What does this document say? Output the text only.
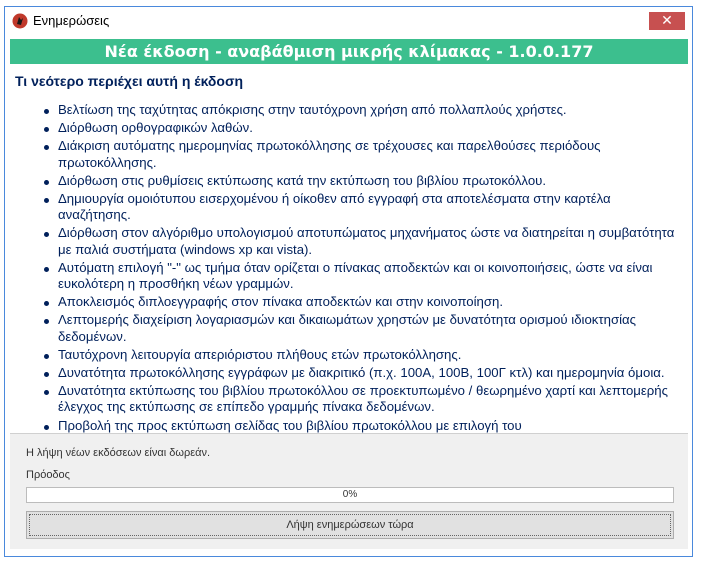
Ενημερώσεις	✕
Νέα έκδοση - αναβάθμιση μικρής κλίμακας - 1.0.0.177
Τι νεότερο περιέχει αυτή η έκδοση
Βελτίωση της ταχύτητας απόκρισης στην ταυτόχρονη χρήση από πολλαπλούς χρήστες.
Διόρθωση ορθογραφικών λαθών.
Διάκριση αυτόματης ημερομηνίας πρωτοκόλλησης σε τρέχουσες και παρελθούσες περιόδους πρωτοκόλλησης.
Διόρθωση στις ρυθμίσεις εκτύπωσης κατά την εκτύπωση του βιβλίου πρωτοκόλλου.
Δημιουργία ομοιότυπου εισερχομένου ή οίκοθεν από εγγραφή στα αποτελέσματα στην καρτέλα αναζήτησης.
Διόρθωση στον αλγόριθμο υπολογισμού αποτυπώματος μηχανήματος ώστε να διατηρείται η συμβατότητα με παλιά συστήματα (windows xp και vista).
Αυτόματη επιλογή "-" ως τμήμα όταν ορίζεται ο πίνακας αποδεκτών και οι κοινοποιήσεις, ώστε να είναι ευκολότερη η προσθήκη νέων γραμμών.
Αποκλεισμός διπλοεγγραφής στον πίνακα αποδεκτών και στην κοινοποίηση.
Λεπτομερής διαχείριση λογαριασμών και δικαιωμάτων χρηστών με δυνατότητα ορισμού ιδιοκτησίας δεδομένων.
Ταυτόχρονη λειτουργία απεριόριστου πλήθους ετών πρωτοκόλλησης.
Δυνατότητα πρωτοκόλλησης εγγράφων με διακριτικό (π.χ. 100Α, 100Β, 100Γ κτλ) και ημερομηνία όμοια.
Δυνατότητα εκτύπωσης του βιβλίου πρωτοκόλλου σε προεκτυπωμένο / θεωρημένο χαρτί και λεπτομερής έλεγχος της εκτύπωσης σε επίπεδο γραμμής πίνακα δεδομένων.
Προβολή της προς εκτύπωση σελίδας του βιβλίου πρωτοκόλλου με επιλογή του
Η λήψη νέων εκδόσεων είναι δωρεάν.
Πρόοδος
0%
Λήψη ενημερώσεων τώρα
